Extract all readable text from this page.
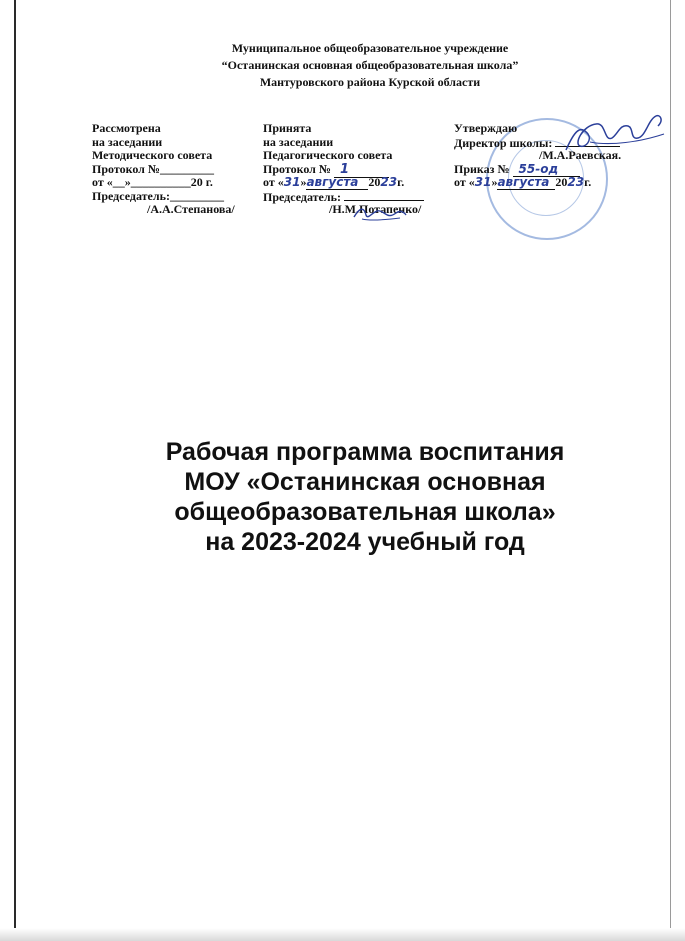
Муниципальное общеобразовательное учреждение
“Останинская основная общеобразовательная школа”
Мантуровского района Курской области
Рассмотрена
на заседании
Методического совета
Протокол №_________
от «__»__________20 г.
Председатель:_________
/А.А.Степанова/
Принята
на заседании
Педагогического совета
Протокол № 1
от «31»августа 2023г.
Председатель:
/Н.М.Потапенко/
Утверждаю
Директор школы:
/М.А.Раевская.
Приказ № 55-од
от «31»августа 2023г.
Рабочая программа воспитания
МОУ «Останинская основная
общеобразовательная школа»
на 2023-2024 учебный год
